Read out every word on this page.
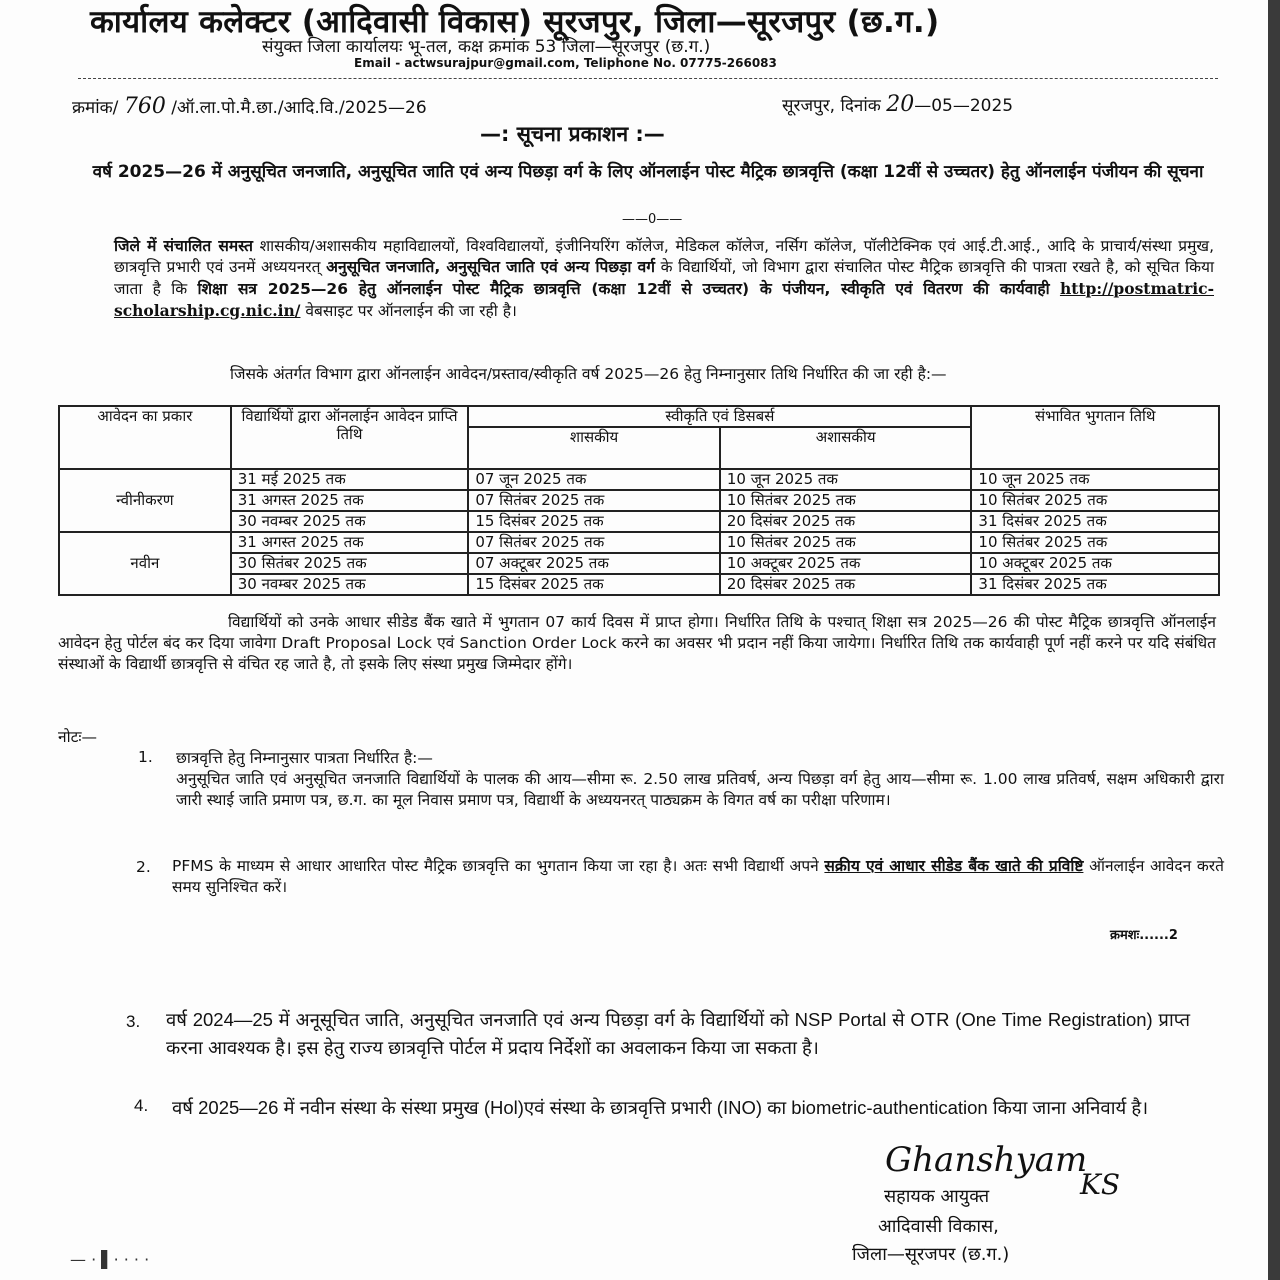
कार्यालय कलेक्टर (आदिवासी विकास) सूरजपुर, जिला—सूरजपुर (छ.ग.)
संयुक्त जिला कार्यालयः भू-तल, कक्ष क्रमांक 53 जिला—सूरजपुर (छ.ग.)
Email - actwsurajpur@gmail.com, Teliphone No. 07775-266083
क्रमांक/ 760 /ऑ.ला.पो.मै.छा./आदि.वि./2025—26	सूरजपुर, दिनांक 20—05—2025
—: सूचना प्रकाशन :—
वर्ष 2025—26 में अनुसूचित जनजाति, अनुसूचित जाति एवं अन्य पिछड़ा वर्ग के लिए ऑनलाईन पोस्ट मैट्रिक छात्रवृत्ति (कक्षा 12वीं से उच्चतर) हेतु ऑनलाईन पंजीयन की सूचना
——0——
जिले में संचालित समस्त शासकीय/अशासकीय महाविद्यालयों, विश्वविद्यालयों, इंजीनियरिंग कॉलेज, मेडिकल कॉलेज, नर्सिग कॉलेज, पॉलीटेक्निक एवं आई.टी.आई., आदि के प्राचार्य/संस्था प्रमुख, छात्रवृत्ति प्रभारी एवं उनमें अध्ययनरत् अनुसूचित जनजाति, अनुसूचित जाति एवं अन्य पिछड़ा वर्ग के विद्यार्थियों, जो विभाग द्वारा संचालित पोस्ट मैट्रिक छात्रवृत्ति की पात्रता रखते है, को सूचित किया जाता है कि शिक्षा सत्र 2025—26 हेतु ऑनलाईन पोस्ट मैट्रिक छात्रवृत्ति (कक्षा 12वीं से उच्चतर) के पंजीयन, स्वीकृति एवं वितरण की कार्यवाही http://postmatric-scholarship.cg.nic.in/ वेबसाइट पर ऑनलाईन की जा रही है।
जिसके अंतर्गत विभाग द्वारा ऑनलाईन आवेदन/प्रस्ताव/स्वीकृति वर्ष 2025—26 हेतु निम्नानुसार तिथि निर्धारित की जा रही है:—
आवेदन का प्रकार	विद्यार्थियों द्वारा ऑनलाईन आवेदन प्राप्ति तिथि	स्वीकृति एवं डिसबर्स		संभावित भुगतान तिथि
		शासकीय	अशासकीय	
न्वीनीकरण	31 मई 2025 तक	07 जून 2025 तक	10 जून 2025 तक	10 जून 2025 तक
	31 अगस्त 2025 तक	07 सितंबर 2025 तक	10 सितंबर 2025 तक	10 सितंबर 2025 तक
	30 नवम्बर 2025 तक	15 दिसंबर 2025 तक	20 दिसंबर 2025 तक	31 दिसंबर 2025 तक
नवीन	31 अगस्त 2025 तक	07 सितंबर 2025 तक	10 सितंबर 2025 तक	10 सितंबर 2025 तक
	30 सितंबर 2025 तक	07 अक्टूबर 2025 तक	10 अक्टूबर 2025 तक	10 अक्टूबर 2025 तक
	30 नवम्बर 2025 तक	15 दिसंबर 2025 तक	20 दिसंबर 2025 तक	31 दिसंबर 2025 तक
विद्यार्थियों को उनके आधार सीडेड बैंक खाते में भुगतान 07 कार्य दिवस में प्राप्त होगा। निर्धारित तिथि के पश्चात् शिक्षा सत्र 2025—26 की पोस्ट मैट्रिक छात्रवृत्ति ऑनलाईन आवेदन हेतु पोर्टल बंद कर दिया जावेगा Draft Proposal Lock एवं Sanction Order Lock करने का अवसर भी प्रदान नहीं किया जायेगा। निर्धारित तिथि तक कार्यवाही पूर्ण नहीं करने पर यदि संबंधित संस्थाओं के विद्यार्थी छात्रवृत्ति से वंचित रह जाते है, तो इसके लिए संस्था प्रमुख जिम्मेदार होंगे।
नोटः—
1. छात्रवृत्ति हेतु निम्नानुसार पात्रता निर्धारित है:—
अनुसूचित जाति एवं अनुसूचित जनजाति विद्यार्थियों के पालक की आय—सीमा रू. 2.50 लाख प्रतिवर्ष, अन्य पिछड़ा वर्ग हेतु आय—सीमा रू. 1.00 लाख प्रतिवर्ष, सक्षम अधिकारी द्वारा जारी स्थाई जाति प्रमाण पत्र, छ.ग. का मूल निवास प्रमाण पत्र, विद्यार्थी के अध्ययनरत् पाठ्यक्रम के विगत वर्ष का परीक्षा परिणाम।
2. PFMS के माध्यम से आधार आधारित पोस्ट मैट्रिक छात्रवृत्ति का भुगतान किया जा रहा है। अतः सभी विद्यार्थी अपने सक्रीय एवं आधार सीडेड बैंक खाते की प्रविष्टि ऑनलाईन आवेदन करते समय सुनिश्चित करें।
क्रमशः......2
3. वर्ष 2024—25 में अनूसूचित जाति, अनुसूचित जनजाति एवं अन्य पिछड़ा वर्ग के विद्यार्थियों को NSP Portal से OTR (One Time Registration) प्राप्त करना आवश्यक है। इस हेतु राज्य छात्रवृत्ति पोर्टल में प्रदाय निर्देशों का अवलाकन किया जा सकता है।
4. वर्ष 2025—26 में नवीन संस्था के संस्था प्रमुख (Hol)एवं संस्था के छात्रवृत्ति प्रभारी (INO) का biometric-authentication किया जाना अनिवार्य है।
Ghanshyam
KS
सहायक आयुक्त
आदिवासी विकास,
जिला—सूरजपर (छ.ग.)
— · ▌· · · ·
